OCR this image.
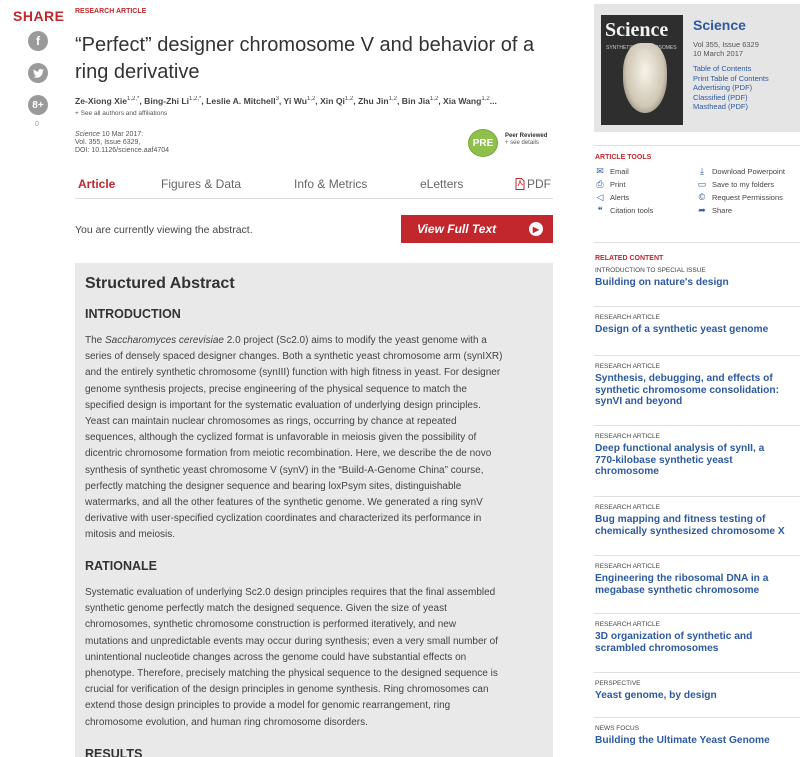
SHARE
f
8+
0
RESEARCH ARTICLE
“Perfect” designer chromosome V and behavior of a ring derivative
Ze-Xiong Xie$^{1,2,*}$, Bing-Zhi $Li^{1,2,*}$, Leslie A. Mitchell$^3$, Yi Wu$^{1,2}$, Xin Qi$^{1,2}$, Zhu Jin$^{1,2}$, Bin Jia$^{1,2}$, Xia Wang$^{1,2}$...
+ See all authors and affiliations
Science 10 Mar 2017:
Vol. 355, Issue 6329,
DOI: 10.1126/science.aaf4704
PRE
Peer Reviewed
+ see details
Article	Figures & Data	Info & Metrics	eLetters	PDF
You are currently viewing the abstract.	View Full Text	▶
Structured Abstract
INTRODUCTION

The Saccharomyces cerevisiae 2.0 project (Sc2.0) aims to modify the yeast genome with a
series of densely spaced designer changes. Both a synthetic yeast chromosome arm (synIXR)
and the entirely synthetic chromosome (synIII) function with high fitness in yeast. For designer
genome synthesis projects, precise engineering of the physical sequence to match the
specified design is important for the systematic evaluation of underlying design principles.
Yeast can maintain nuclear chromosomes as rings, occurring by chance at repeated
sequences, although the cyclized format is unfavorable in meiosis given the possibility of
dicentric chromosome formation from meiotic recombination. Here, we describe the de novo
synthesis of synthetic yeast chromosome V (synV) in the “Build-A-Genome China” course,
perfectly matching the designer sequence and bearing loxPsym sites, distinguishable
watermarks, and all the other features of the synthetic genome. We generated a ring synV
derivative with user-specified cyclization coordinates and characterized its performance in
mitosis and meiosis.

RATIONALE

Systematic evaluation of underlying Sc2.0 design principles requires that the final assembled
synthetic genome perfectly match the designed sequence. Given the size of yeast
chromosomes, synthetic chromosome construction is performed iteratively, and new
mutations and unpredictable events may occur during synthesis; even a very small number of
unintentional nucleotide changes across the genome could have substantial effects on
phenotype. Therefore, precisely matching the physical sequence to the designed sequence is
crucial for verification of the design principles in genome synthesis. Ring chromosomes can
extend those design principles to provide a model for genomic rearrangement, ring
chromosome evolution, and human ring chromosome disorders.

RESULTS
Science
SYNTHETIC CHROMOSOMES
Science
Vol 355, Issue 6329
10 March 2017
Table of Contents
Print Table of Contents
Advertising (PDF)
Classified (PDF)
Masthead (PDF)
ARTICLE TOOLS
✉ Email
⎙ Print
◁ Alerts
❝	Citation tools
⤓	Download Powerpoint
▭ Save to my folders
© Request Permissions
➦ Share
RELATED CONTENT
INTRODUCTION TO SPECIAL ISSUE
Building on nature's design
RESEARCH ARTICLE
Design of a synthetic yeast genome
RESEARCH ARTICLE
Synthesis, debugging, and effects of
synthetic chromosome consolidation:
synVI and beyond
RESEARCH ARTICLE
Deep functional analysis of synII, a
770-kilobase synthetic yeast
chromosome
RESEARCH ARTICLE
Bug mapping and fitness testing of
chemically synthesized chromosome X
RESEARCH ARTICLE
Engineering the ribosomal DNA in a
megabase synthetic chromosome
RESEARCH ARTICLE
3D organization of synthetic and
scrambled chromosomes
PERSPECTIVE
Yeast genome, by design
NEWS FOCUS
Building the Ultimate Yeast Genome
